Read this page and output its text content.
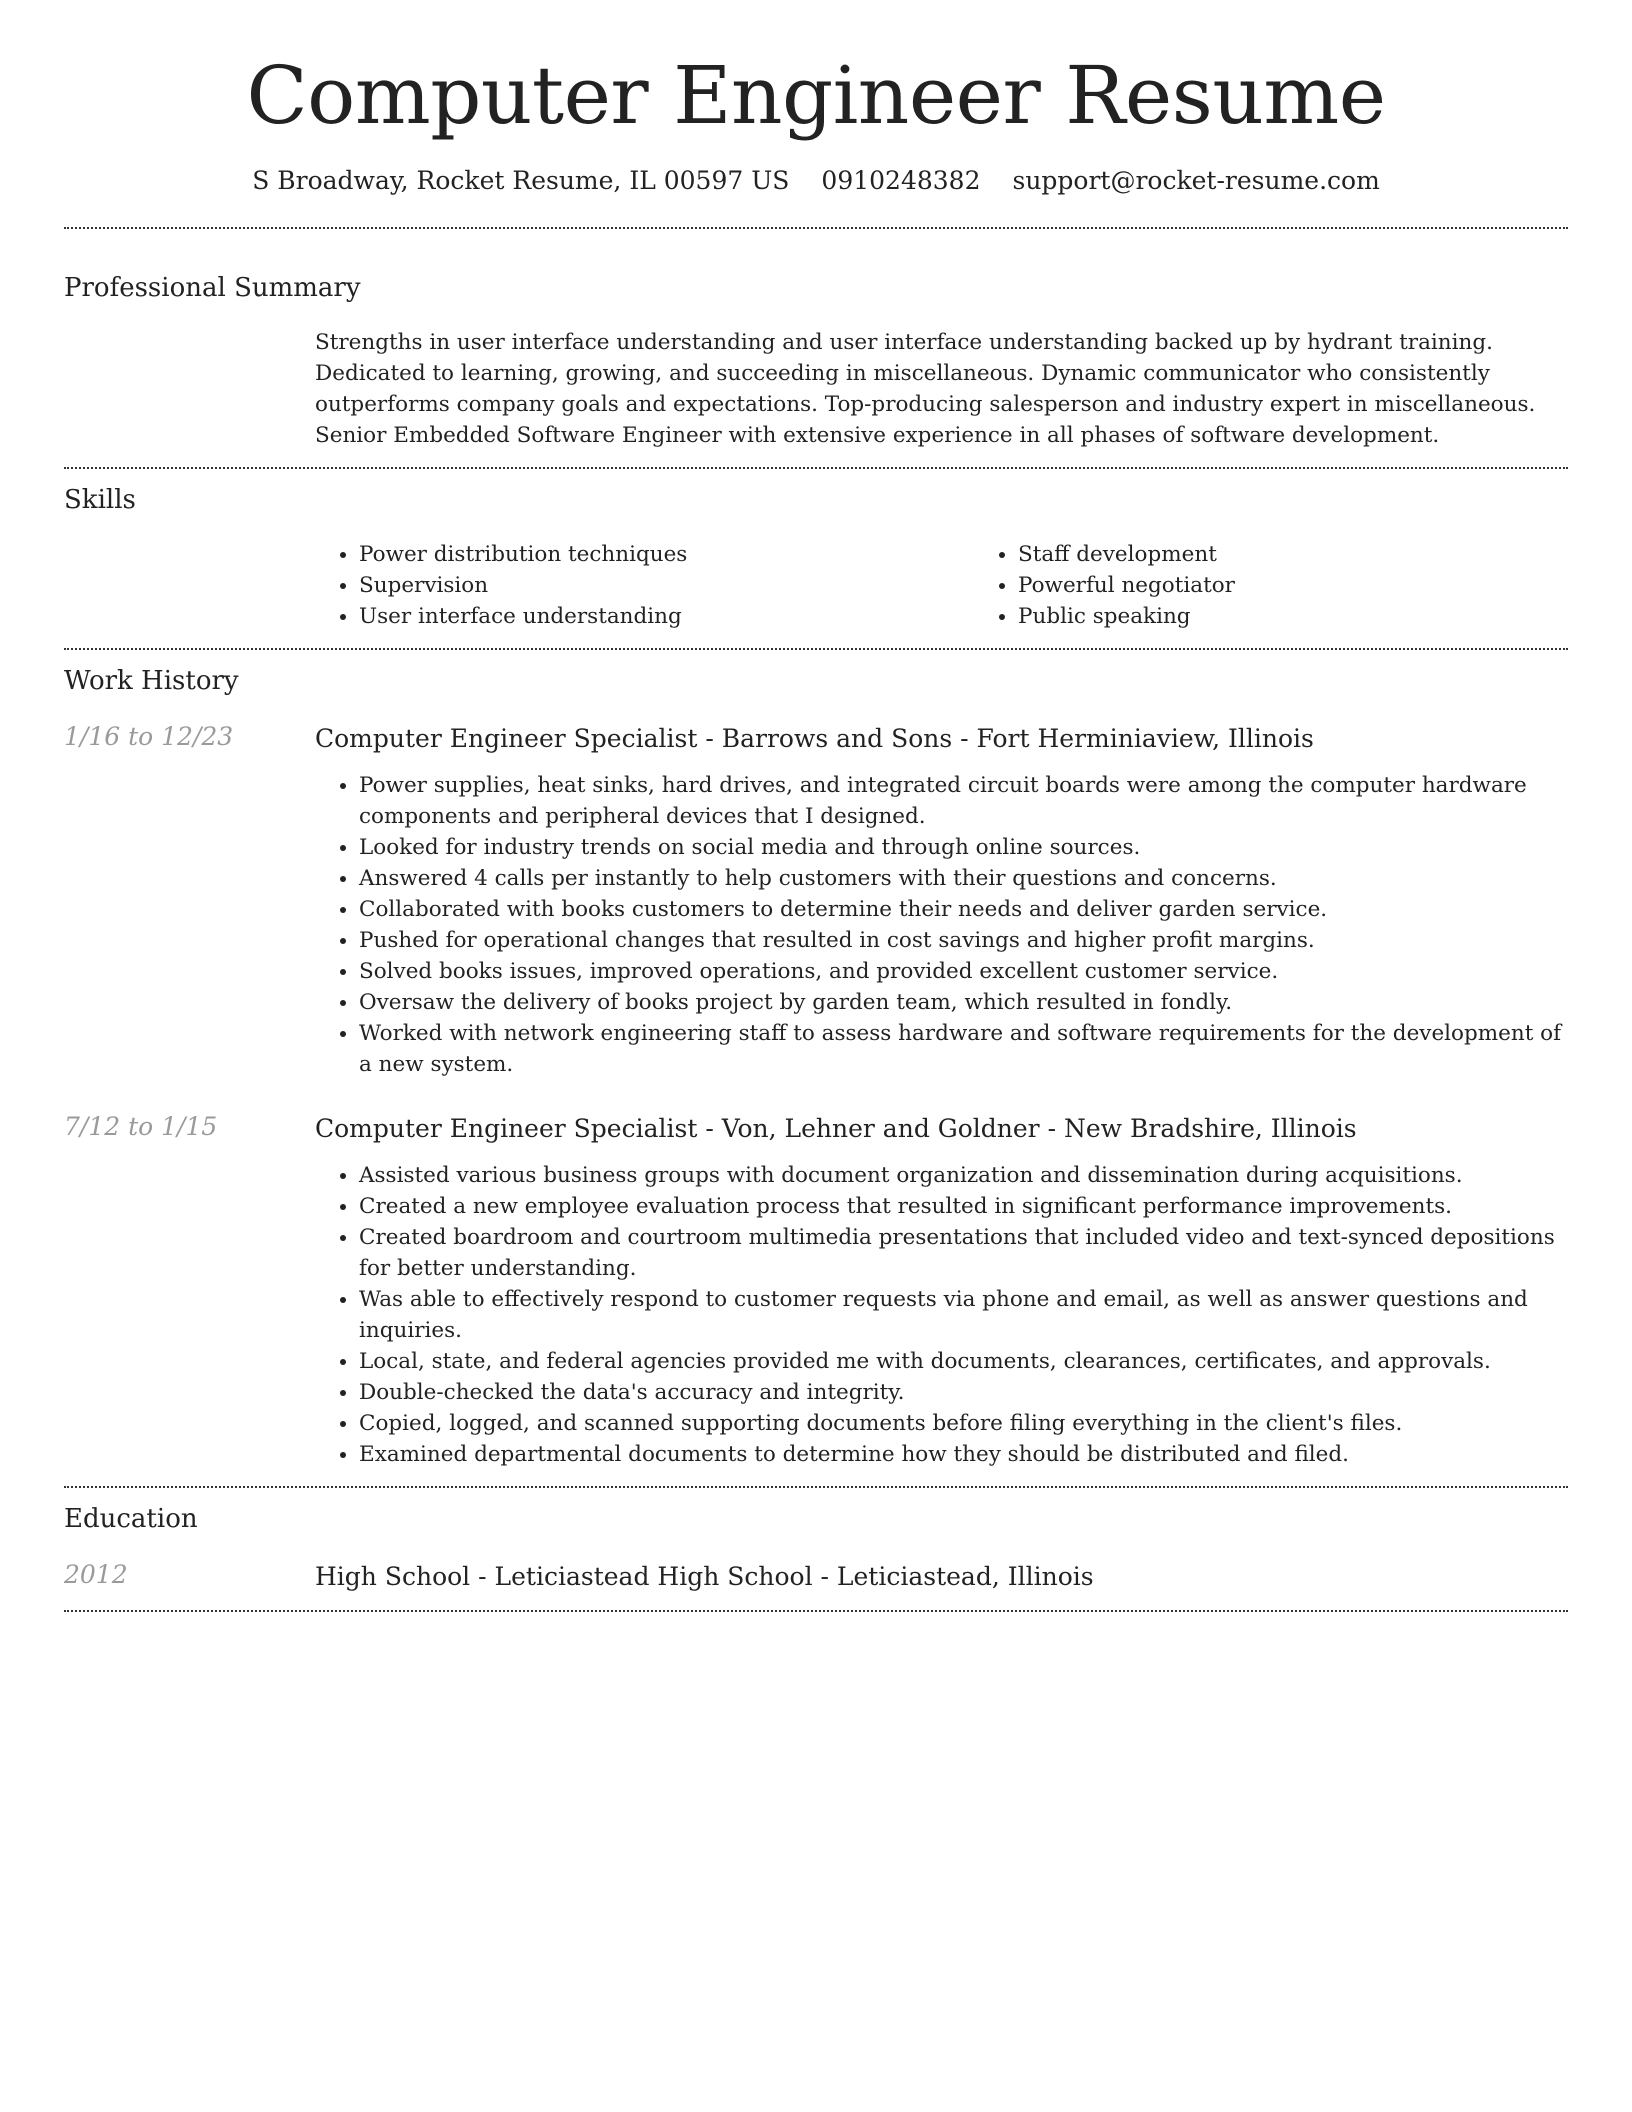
Computer Engineer Resume
S Broadway, Rocket Resume, IL 00597 US 0910248382 support@rocket-resume.com
Professional Summary

Strengths in user interface understanding and user interface understanding backed up by hydrant training. Dedicated to learning, growing, and succeeding in miscellaneous. Dynamic communicator who consistently outperforms company goals and expectations. Top-producing salesperson and industry expert in miscellaneous. Senior Embedded Software Engineer with extensive experience in all phases of software development.

Skills
• Power distribution techniques
• Supervision
• User interface understanding
• Staff development
• Powerful negotiator
• Public speaking
Work History
1/16 to 12/23	Computer Engineer Specialist - Barrows and Sons - Fort Herminiaview, Illinois
• Power supplies, heat sinks, hard drives, and integrated circuit boards were among the computer hardware components and peripheral devices that I designed.
• Looked for industry trends on social media and through online sources.
• Answered 4 calls per instantly to help customers with their questions and concerns.
• Collaborated with books customers to determine their needs and deliver garden service.
• Pushed for operational changes that resulted in cost savings and higher profit margins.
• Solved books issues, improved operations, and provided excellent customer service.
• Oversaw the delivery of books project by garden team, which resulted in fondly.
• Worked with network engineering staff to assess hardware and software requirements for the development of a new system.
7/12 to 1/15	Computer Engineer Specialist - Von, Lehner and Goldner - New Bradshire, Illinois
• Assisted various business groups with document organization and dissemination during acquisitions.
• Created a new employee evaluation process that resulted in significant performance improvements.
• Created boardroom and courtroom multimedia presentations that included video and text-synced depositions for better understanding.
• Was able to effectively respond to customer requests via phone and email, as well as answer questions and inquiries.
• Local, state, and federal agencies provided me with documents, clearances, certificates, and approvals.
• Double-checked the data's accuracy and integrity.
• Copied, logged, and scanned supporting documents before filing everything in the client's files.
• Examined departmental documents to determine how they should be distributed and filed.
Education
2012	High School - Leticiastead High School - Leticiastead, Illinois
